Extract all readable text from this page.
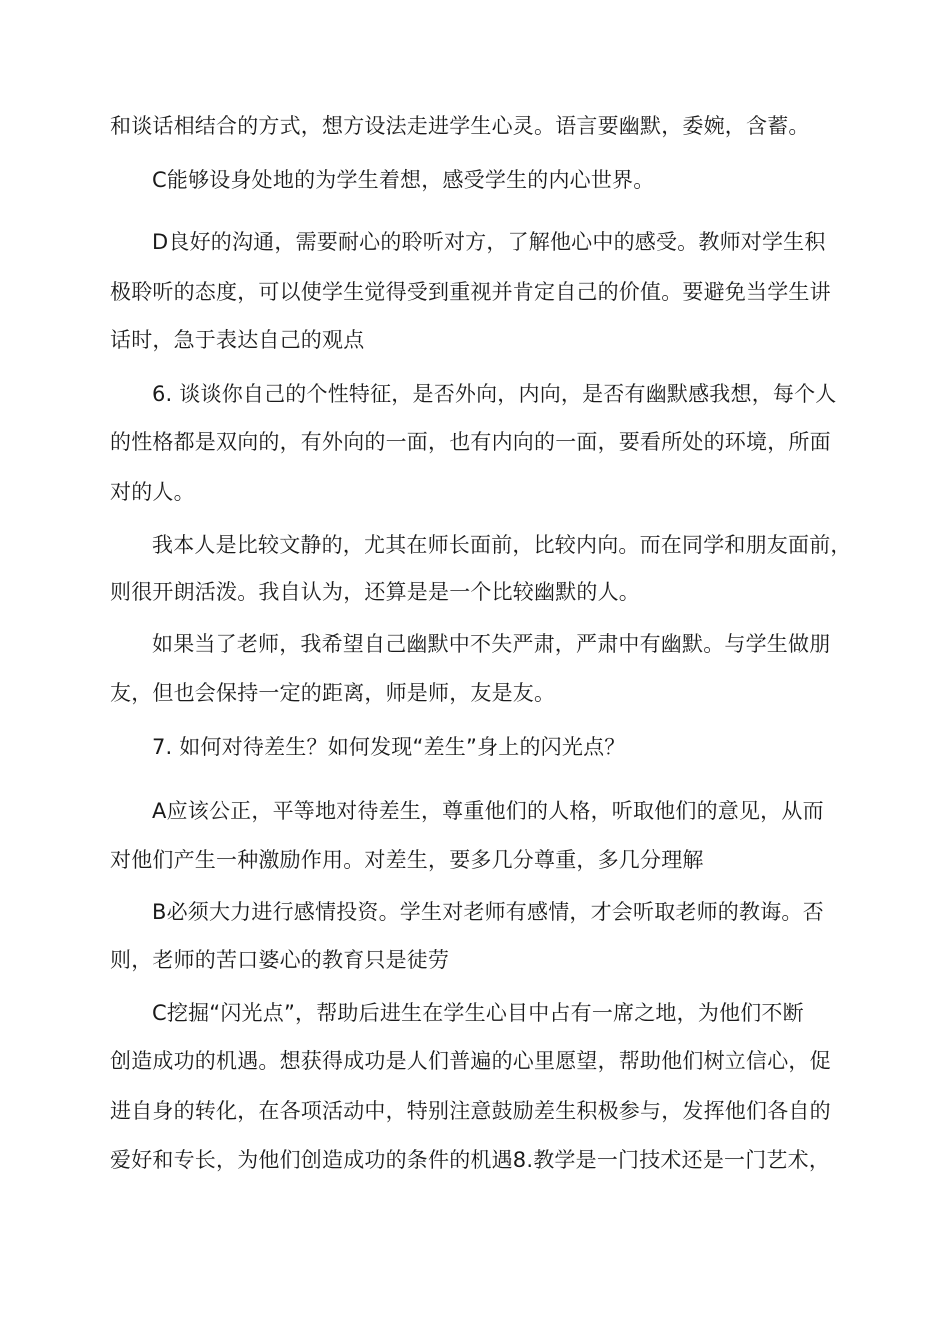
和谈话相结合的方式，想方设法走进学生心灵。语言要幽默，委婉，含蓄。
C能够设身处地的为学生着想，感受学生的内心世界。
D良好的沟通，需要耐心的聆听对方，了解他心中的感受。教师对学生积
极聆听的态度，可以使学生觉得受到重视并肯定自己的价值。要避免当学生讲
话时，急于表达自己的观点
6. 谈谈你自己的个性特征，是否外向，内向，是否有幽默感我想，每个人
的性格都是双向的，有外向的一面，也有内向的一面，要看所处的环境，所面
对的人。
我本人是比较文静的，尤其在师长面前，比较内向。而在同学和朋友面前，
则很开朗活泼。我自认为，还算是是一个比较幽默的人。
如果当了老师，我希望自己幽默中不失严肃，严肃中有幽默。与学生做朋
友，但也会保持一定的距离，师是师，友是友。
7. 如何对待差生？如何发现“差生”身上的闪光点？
A应该公正，平等地对待差生，尊重他们的人格，听取他们的意见，从而
对他们产生一种激励作用。对差生，要多几分尊重，多几分理解
B必须大力进行感情投资。学生对老师有感情，才会听取老师的教诲。否
则，老师的苦口婆心的教育只是徒劳
C挖掘“闪光点”，帮助后进生在学生心目中占有一席之地，为他们不断
创造成功的机遇。想获得成功是人们普遍的心里愿望，帮助他们树立信心，促
进自身的转化，在各项活动中，特别注意鼓励差生积极参与，发挥他们各自的
爱好和专长，为他们创造成功的条件的机遇8.教学是一门技术还是一门艺术，
